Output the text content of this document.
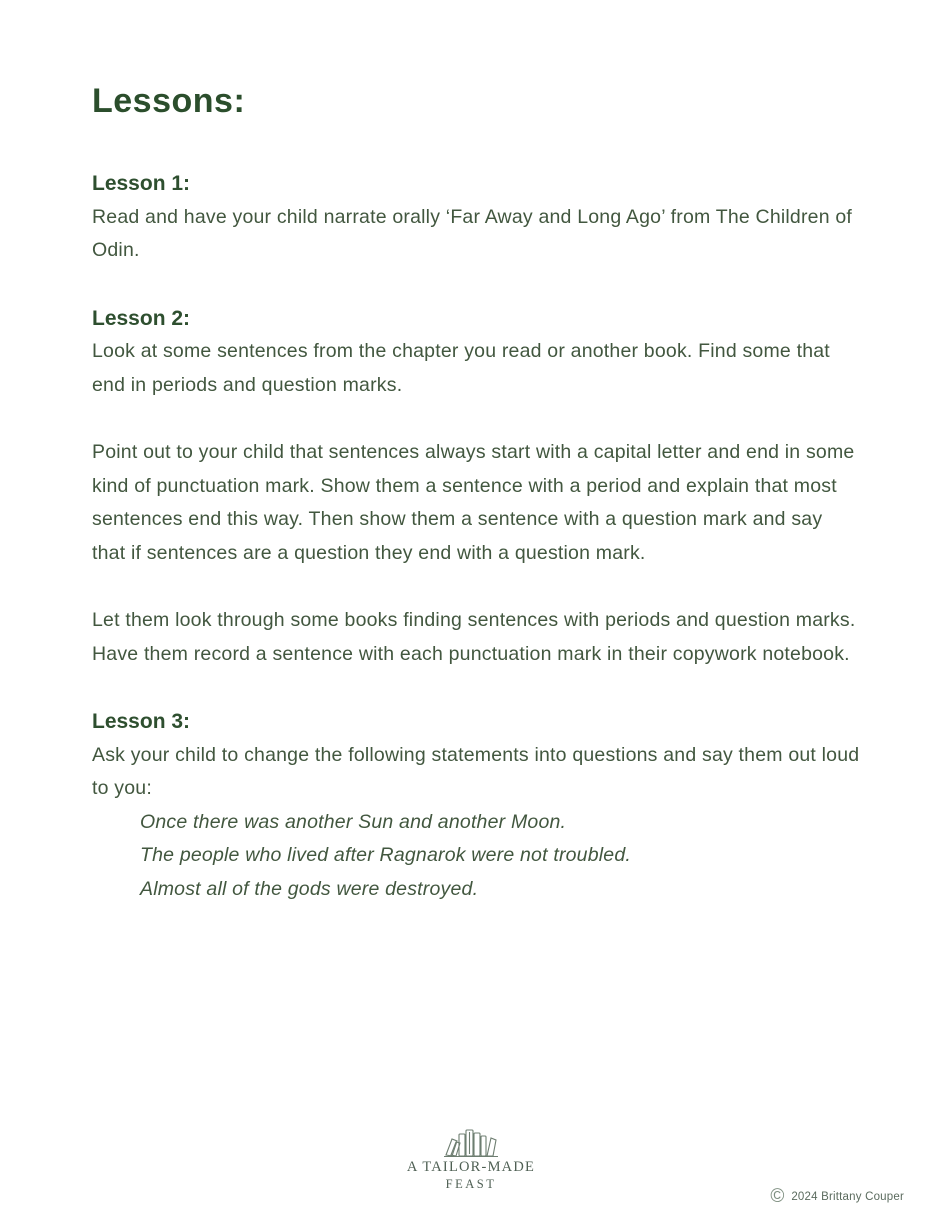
Lessons:
Lesson 1:
Read and have your child narrate orally ‘Far Away and Long Ago’ from The Children of Odin.
Lesson 2:
Look at some sentences from the chapter you read or another book. Find some that end in periods and question marks.
Point out to your child that sentences always start with a capital letter and end in some kind of punctuation mark. Show them a sentence with a period and explain that most sentences end this way. Then show them a sentence with a question mark and say that if sentences are a question they end with a question mark.
Let them look through some books finding sentences with periods and question marks. Have them record a sentence with each punctuation mark in their copywork notebook.
Lesson 3:
Ask your child to change the following statements into questions and say them out loud to you:
Once there was another Sun and another Moon.
The people who lived after Ragnarok were not troubled.
Almost all of the gods were destroyed.
A TAILOR-MADE
FEAST
© 2024 Brittany Couper
